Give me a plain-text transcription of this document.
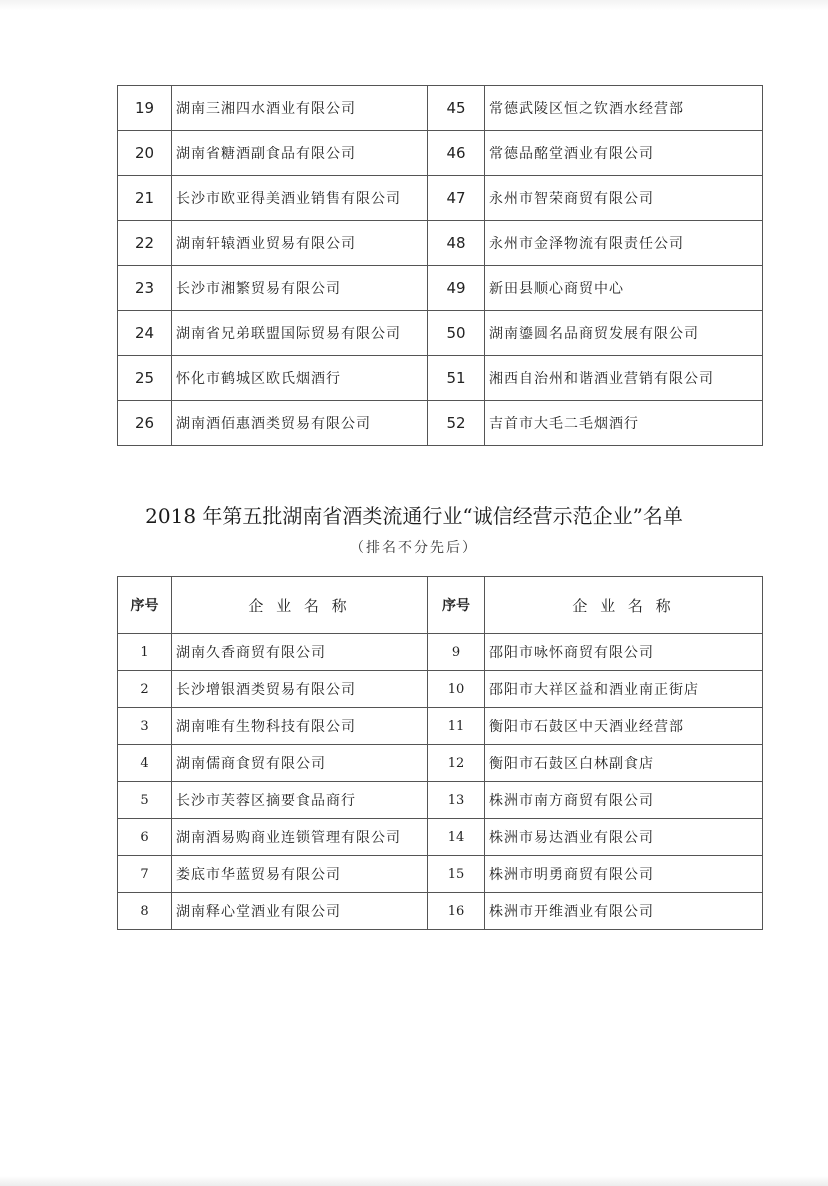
19	湖南三湘四水酒业有限公司	45	常德武陵区恒之钦酒水经营部
20	湖南省糖酒副食品有限公司	46	常德品酩堂酒业有限公司
21	长沙市欧亚得美酒业销售有限公司	47	永州市智荣商贸有限公司
22	湖南轩辕酒业贸易有限公司	48	永州市金泽物流有限责任公司
23	长沙市湘繁贸易有限公司	49	新田县顺心商贸中心
24	湖南省兄弟联盟国际贸易有限公司	50	湖南鎏圆名品商贸发展有限公司
25	怀化市鹤城区欧氏烟酒行	51	湘西自治州和谐酒业营销有限公司
26	湖南酒佰惠酒类贸易有限公司	52	吉首市大毛二毛烟酒行
2018 年第五批湖南省酒类流通行业“诚信经营示范企业”名单
（排名不分先后）
序号	企 业 名 称	序号	企 业 名 称
1	湖南久香商贸有限公司	9	邵阳市咏怀商贸有限公司
2	长沙增银酒类贸易有限公司	10	邵阳市大祥区益和酒业南正街店
3	湖南唯有生物科技有限公司	11	衡阳市石鼓区中天酒业经营部
4	湖南儒商食贸有限公司	12	衡阳市石鼓区白林副食店
5	长沙市芙蓉区摘要食品商行	13	株洲市南方商贸有限公司
6	湖南酒易购商业连锁管理有限公司	14	株洲市易达酒业有限公司
7	娄底市华蓝贸易有限公司	15	株洲市明勇商贸有限公司
8	湖南释心堂酒业有限公司	16	株洲市开维酒业有限公司
